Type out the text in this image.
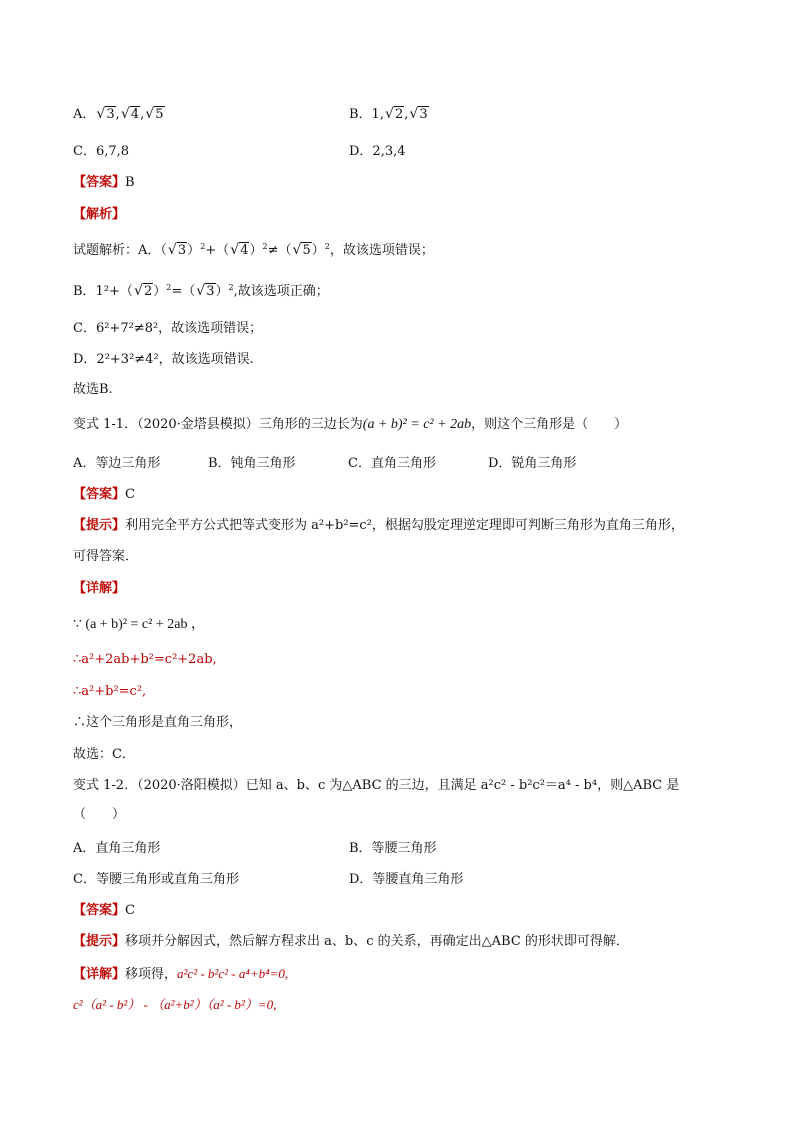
A． √ 3, √ 4, √ 5	B．1, √ 2, √ 3
C．6,7,8	D．2,3,4
【答案】B
【解析】
试题解析：A．（ √ 3）$^2$+（ √ 4）$^2$≠（ √ 5）$^2$，故该选项错误；
B．1²+（ √ 2）$^2$=（ √ 3）$^2$,故该选项正确；
C．6²+7²≠8²，故该选项错误；
D．2²+3²≠4²，故该选项错误.
故选B.
变式 1-1．（2020·金塔县模拟）三角形的三边长为(a + b)² = c² + 2ab，则这个三角形是（　　）
A．等边三角形	B．钝角三角形	C．直角三角形	D．锐角三角形
【答案】C
【提示】利用完全平方公式把等式变形为 a²+b²=c²，根据勾股定理逆定理即可判断三角形为直角三角形，
可得答案．
【详解】
∵ (a + b)² = c² + 2ab ，
∴a²+2ab+b²=c²+2ab,
∴a²+b²=c²,
∴这个三角形是直角三角形，
故选：C．
变式 1-2．（2020·洛阳模拟）已知 a、b、c 为△ABC 的三边，且满足 a²c² - b²c²＝a⁴ - b⁴，则△ABC 是
（　　）
A．直角三角形	B．等腰三角形
C．等腰三角形或直角三角形	D．等腰直角三角形
【答案】C
【提示】移项并分解因式，然后解方程求出 a、b、c 的关系，再确定出△ABC 的形状即可得解．
【详解】移项得，a²c² - b²c² - a⁴+b⁴=0,
c²（a² - b²） - （a²+b²）（a² - b²）=0,
